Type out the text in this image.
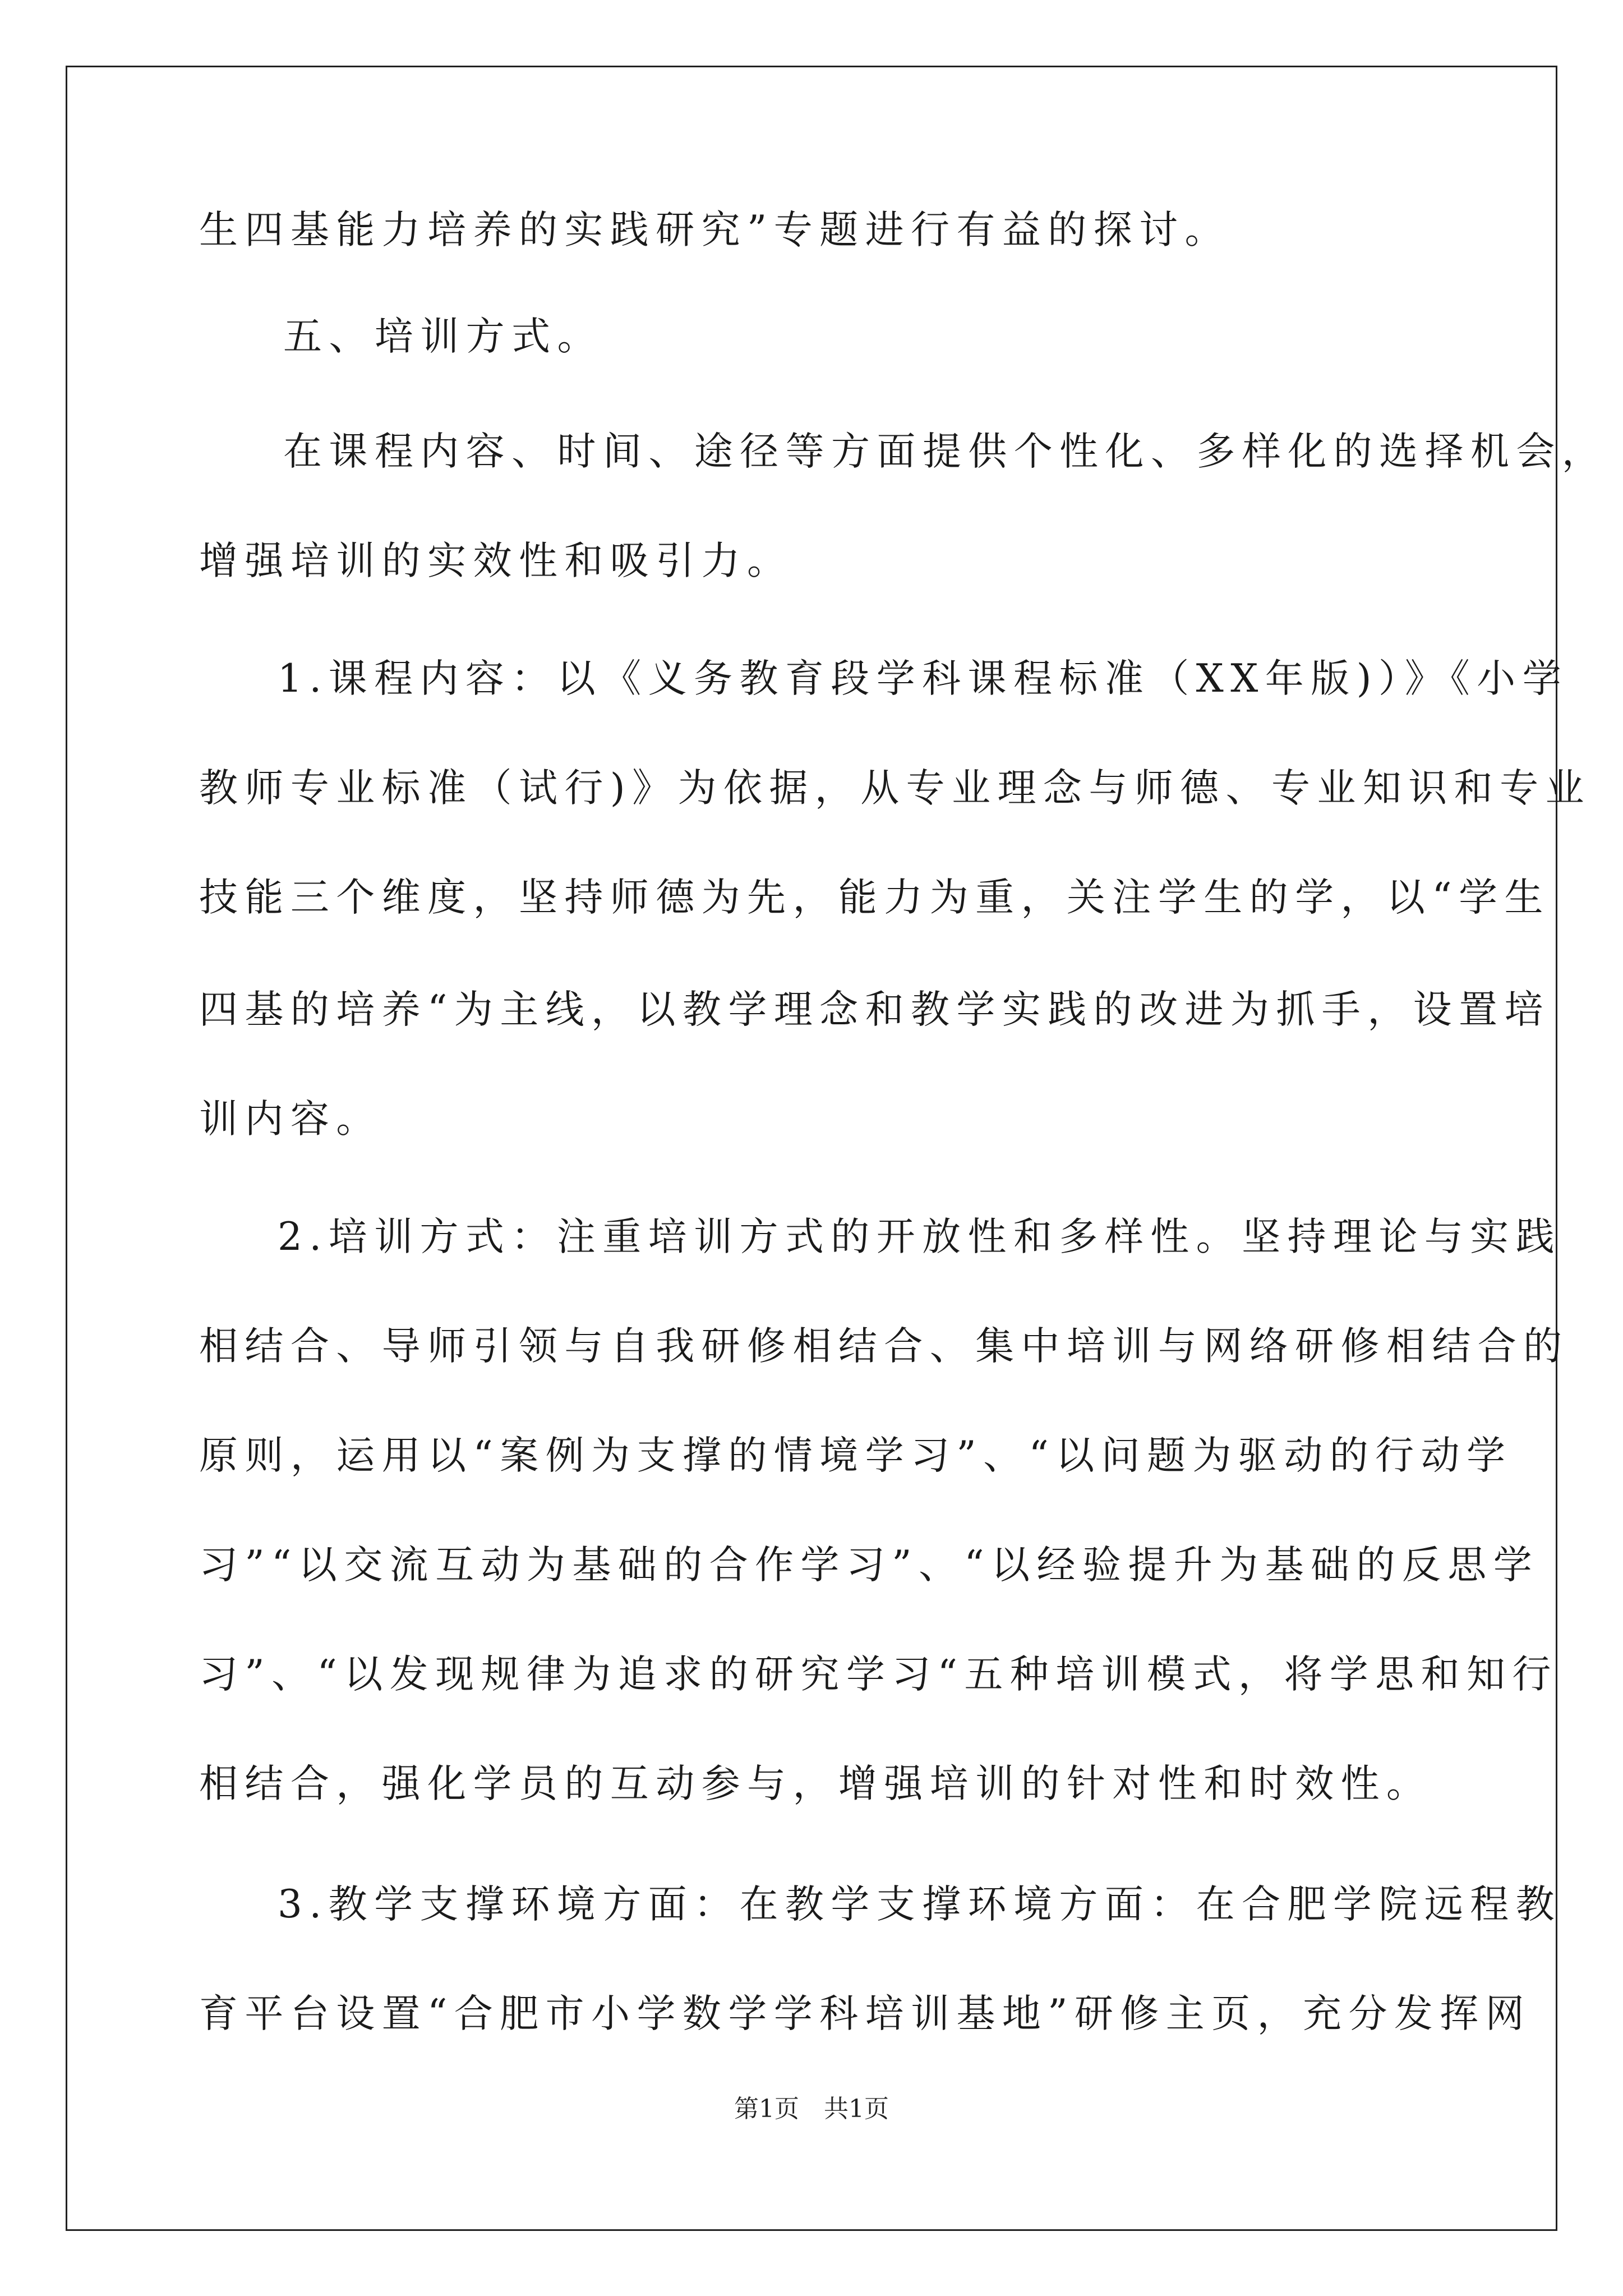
生四基能力培养的实践研究”专题进行有益的探讨。
五、培训方式。
在课程内容、时间、途径等方面提供个性化、多样化的选择机会，
增强培训的实效性和吸引力。
1.课程内容：以《义务教育段学科课程标准（XX年版)）》《小学
教师专业标准（试行)》为依据，从专业理念与师德、专业知识和专业
技能三个维度，坚持师德为先，能力为重，关注学生的学，以“学生
四基的培养“为主线，以教学理念和教学实践的改进为抓手，设置培
训内容。
2.培训方式：注重培训方式的开放性和多样性。坚持理论与实践
相结合、导师引领与自我研修相结合、集中培训与网络研修相结合的
原则，运用以“案例为支撑的情境学习”、“以问题为驱动的行动学
习”“以交流互动为基础的合作学习”、“以经验提升为基础的反思学
习”、“以发现规律为追求的研究学习“五种培训模式，将学思和知行
相结合，强化学员的互动参与，增强培训的针对性和时效性。
3.教学支撑环境方面：在教学支撑环境方面：在合肥学院远程教
育平台设置“合肥市小学数学学科培训基地”研修主页，充分发挥网
第1页　共1页
